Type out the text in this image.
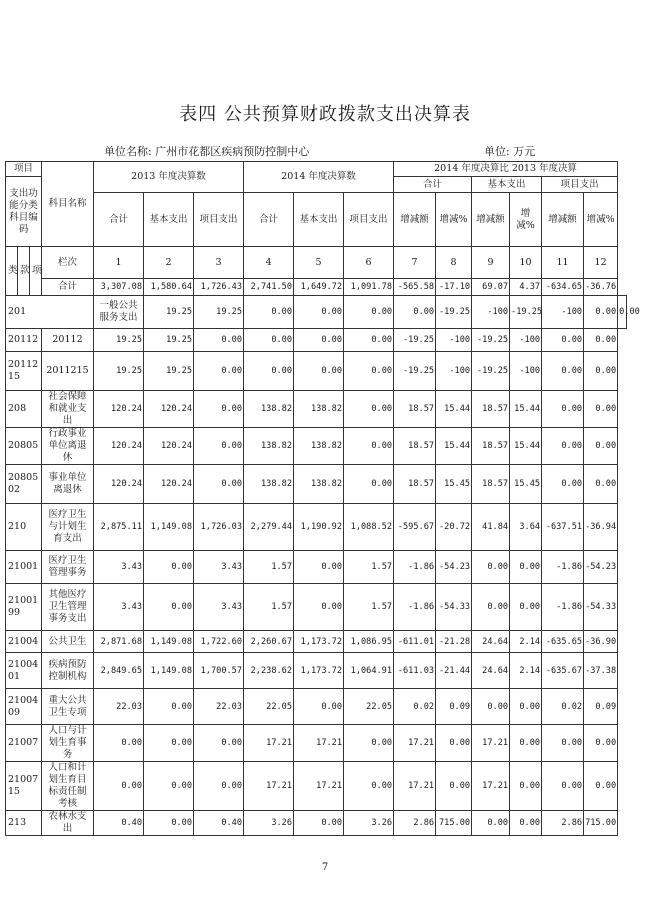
表四 公共预算财政拨款支出决算表
单位名称: 广州市花都区疾病预防控制中心	单位: 万元
项目			科目名称	2013 年度决算数			2014 年度决算数			2014 年度决算比 2013 年度决算						
支出功能分类科目编码										合计		基本支出		项目支出		
				合计	基本支出	项目支出	合计	基本支出	项目支出	增减额	增减%	增减额	增减%	增减额	增减%	
类	款	项	栏次	1	2	3	4	5	6	7	8	9	10	11	12	
			合计	3,307.08	1,580.64	1,726.43	2,741.50	1,649.72	1,091.78	-565.58	-17.10	69.07	4.37	-634.65	-36.76	
201				一般公共服务支出	19.25	19.25	0.00	0.00	0.00	0.00	-19.25	-100	-19.25	-100	0.00	0.00
20112			20112	19.25	19.25	0.00	0.00	0.00	0.00	-19.25	-100	-19.25	-100	0.00	0.00	
2011215			2011215	19.25	19.25	0.00	0.00	0.00	0.00	-19.25	-100	-19.25	-100	0.00	0.00	
208			社会保障和就业支出	120.24	120.24	0.00	138.82	138.82	0.00	18.57	15.44	18.57	15.44	0.00	0.00	
20805			行政事业单位离退休	120.24	120.24	0.00	138.82	138.82	0.00	18.57	15.44	18.57	15.44	0.00	0.00	
2080502			事业单位离退休	120.24	120.24	0.00	138.82	138.82	0.00	18.57	15.45	18.57	15.45	0.00	0.00	
210			医疗卫生与计划生育支出	2,875.11	1,149.08	1,726.03	2,279.44	1,190.92	1,088.52	-595.67	-20.72	41.84	3.64	-637.51	-36.94	
21001			医疗卫生管理事务	3.43	0.00	3.43	1.57	0.00	1.57	-1.86	-54.23	0.00	0.00	-1.86	-54.23	
2100199			其他医疗卫生管理事务支出	3.43	0.00	3.43	1.57	0.00	1.57	-1.86	-54.33	0.00	0.00	-1.86	-54.33	
21004			公共卫生	2,871.68	1,149.08	1,722.60	2,260.67	1,173.72	1,086.95	-611.01	-21.28	24.64	2.14	-635.65	-36.90	
2100401			疾病预防控制机构	2,849.65	1,149.08	1,700.57	2,238.62	1,173.72	1,064.91	-611.03	-21.44	24.64	2.14	-635.67	-37.38	
2100409			重大公共卫生专项	22.03	0.00	22.03	22.05	0.00	22.05	0.02	0.09	0.00	0.00	0.02	0.09	
21007			人口与计划生育事务	0.00	0.00	0.00	17.21	17.21	0.00	17.21	0.00	17.21	0.00	0.00	0.00	
2100715			人口和计划生育目标责任制考核	0.00	0.00	0.00	17.21	17.21	0.00	17.21	0.00	17.21	0.00	0.00	0.00	
213			农林水支出	0.40	0.00	0.40	3.26	0.00	3.26	2.86	715.00	0.00	0.00	2.86	715.00	
7
